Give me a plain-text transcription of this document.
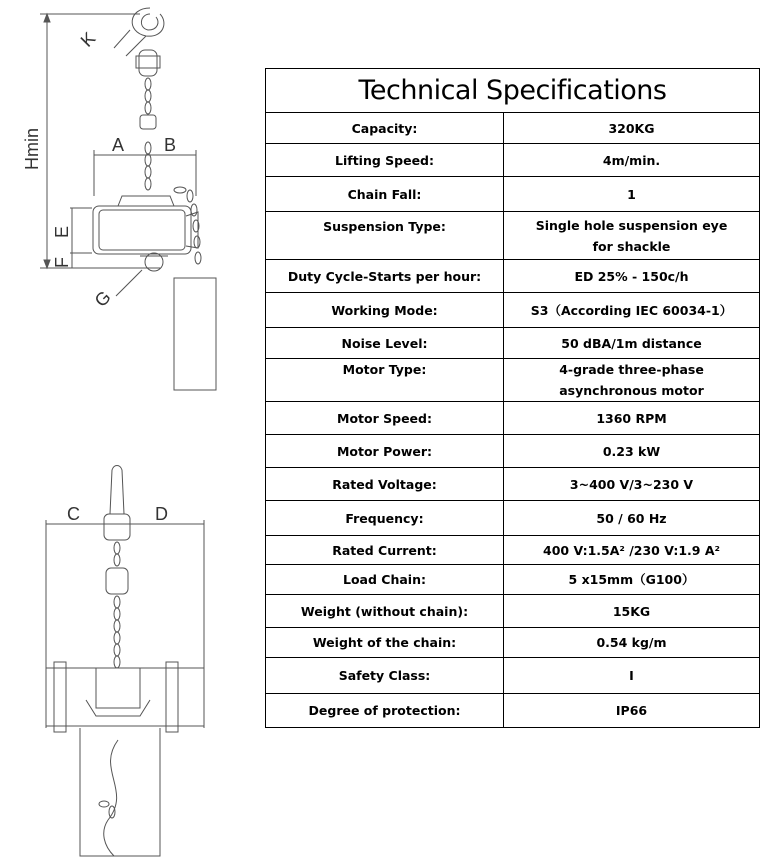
Hmin
K
A B
E
F
G
C	D
Technical Specifications	
Capacity:	320KG
Lifting Speed:	4m/min.
Chain Fall:	1
Suspension Type:	Single hole suspension eye for shackle
Duty Cycle-Starts per hour:	ED 25% - 150c/h
Working Mode:	S3（According IEC 60034-1）
Noise Level:	50 dBA/1m distance
Motor Type:	4-grade three-phase asynchronous motor
Motor Speed:	1360 RPM
Motor Power:	0.23 kW
Rated Voltage:	3~400 V/3~230 V
Frequency:	50 / 60 Hz
Rated Current:	400 V:1.5A² /230 V:1.9 A²
Load Chain:	5 x15mm（G100）
Weight (without chain):	15KG
Weight of the chain:	0.54 kg/m
Safety Class:	I
Degree of protection:	IP66
